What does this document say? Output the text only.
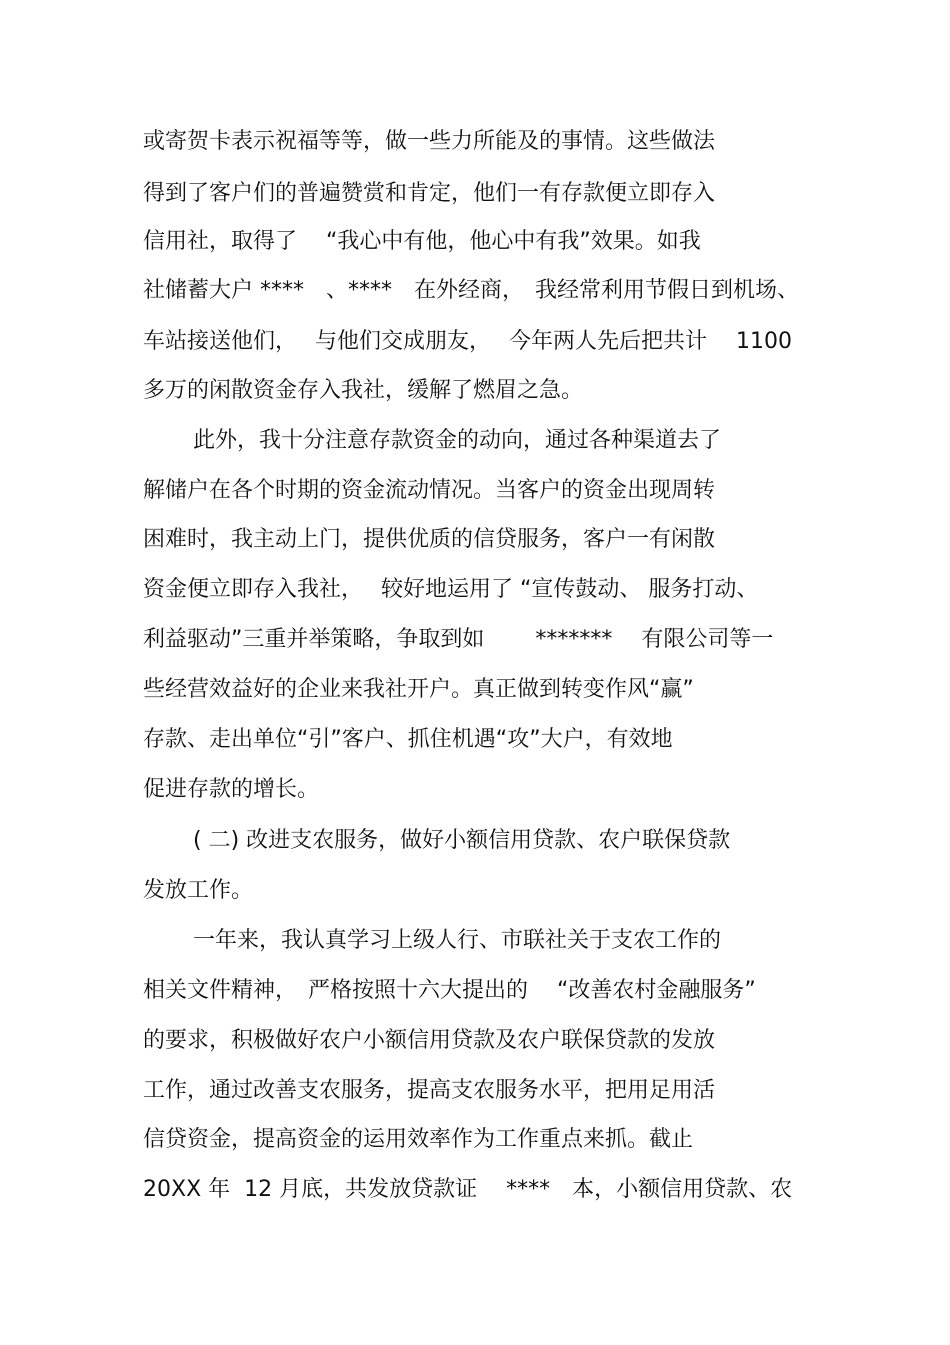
或寄贺卡表示祝福等等，做一些力所能及的事情。这些做法
得到了客户们的普遍赞赏和肯定，他们一有存款便立即存入
信用社，取得了　 “我心中有他，他心中有我”效果。如我
社储蓄大户 ****　、****　在外经商，　我经常利用节假日到机场、
车站接送他们，　 与他们交成朋友，　 今年两人先后把共计　 1100
多万的闲散资金存入我社，缓解了燃眉之急。
此外，我十分注意存款资金的动向，通过各种渠道去了
解储户在各个时期的资金流动情况。当客户的资金出现周转
困难时，我主动上门，提供优质的信贷服务，客户一有闲散
资金便立即存入我社，　 较好地运用了 “宣传鼓动、 服务打动、
利益驱动”三重并举策略，争取到如　　 *******　 有限公司等一
些经营效益好的企业来我社开户。真正做到转变作风“赢”
存款、走出单位“引”客户、抓住机遇“攻”大户，有效地
促进存款的增长。
( 二) 改进支农服务，做好小额信用贷款、农户联保贷款
发放工作。
一年来，我认真学习上级人行、市联社关于支农工作的
相关文件精神，　严格按照十六大提出的　 “改善农村金融服务”
的要求，积极做好农户小额信用贷款及农户联保贷款的发放
工作，通过改善支农服务，提高支农服务水平，把用足用活
信贷资金，提高资金的运用效率作为工作重点来抓。截止
20XX 年  12 月底，共发放贷款证　 ****　本，小额信用贷款、农
